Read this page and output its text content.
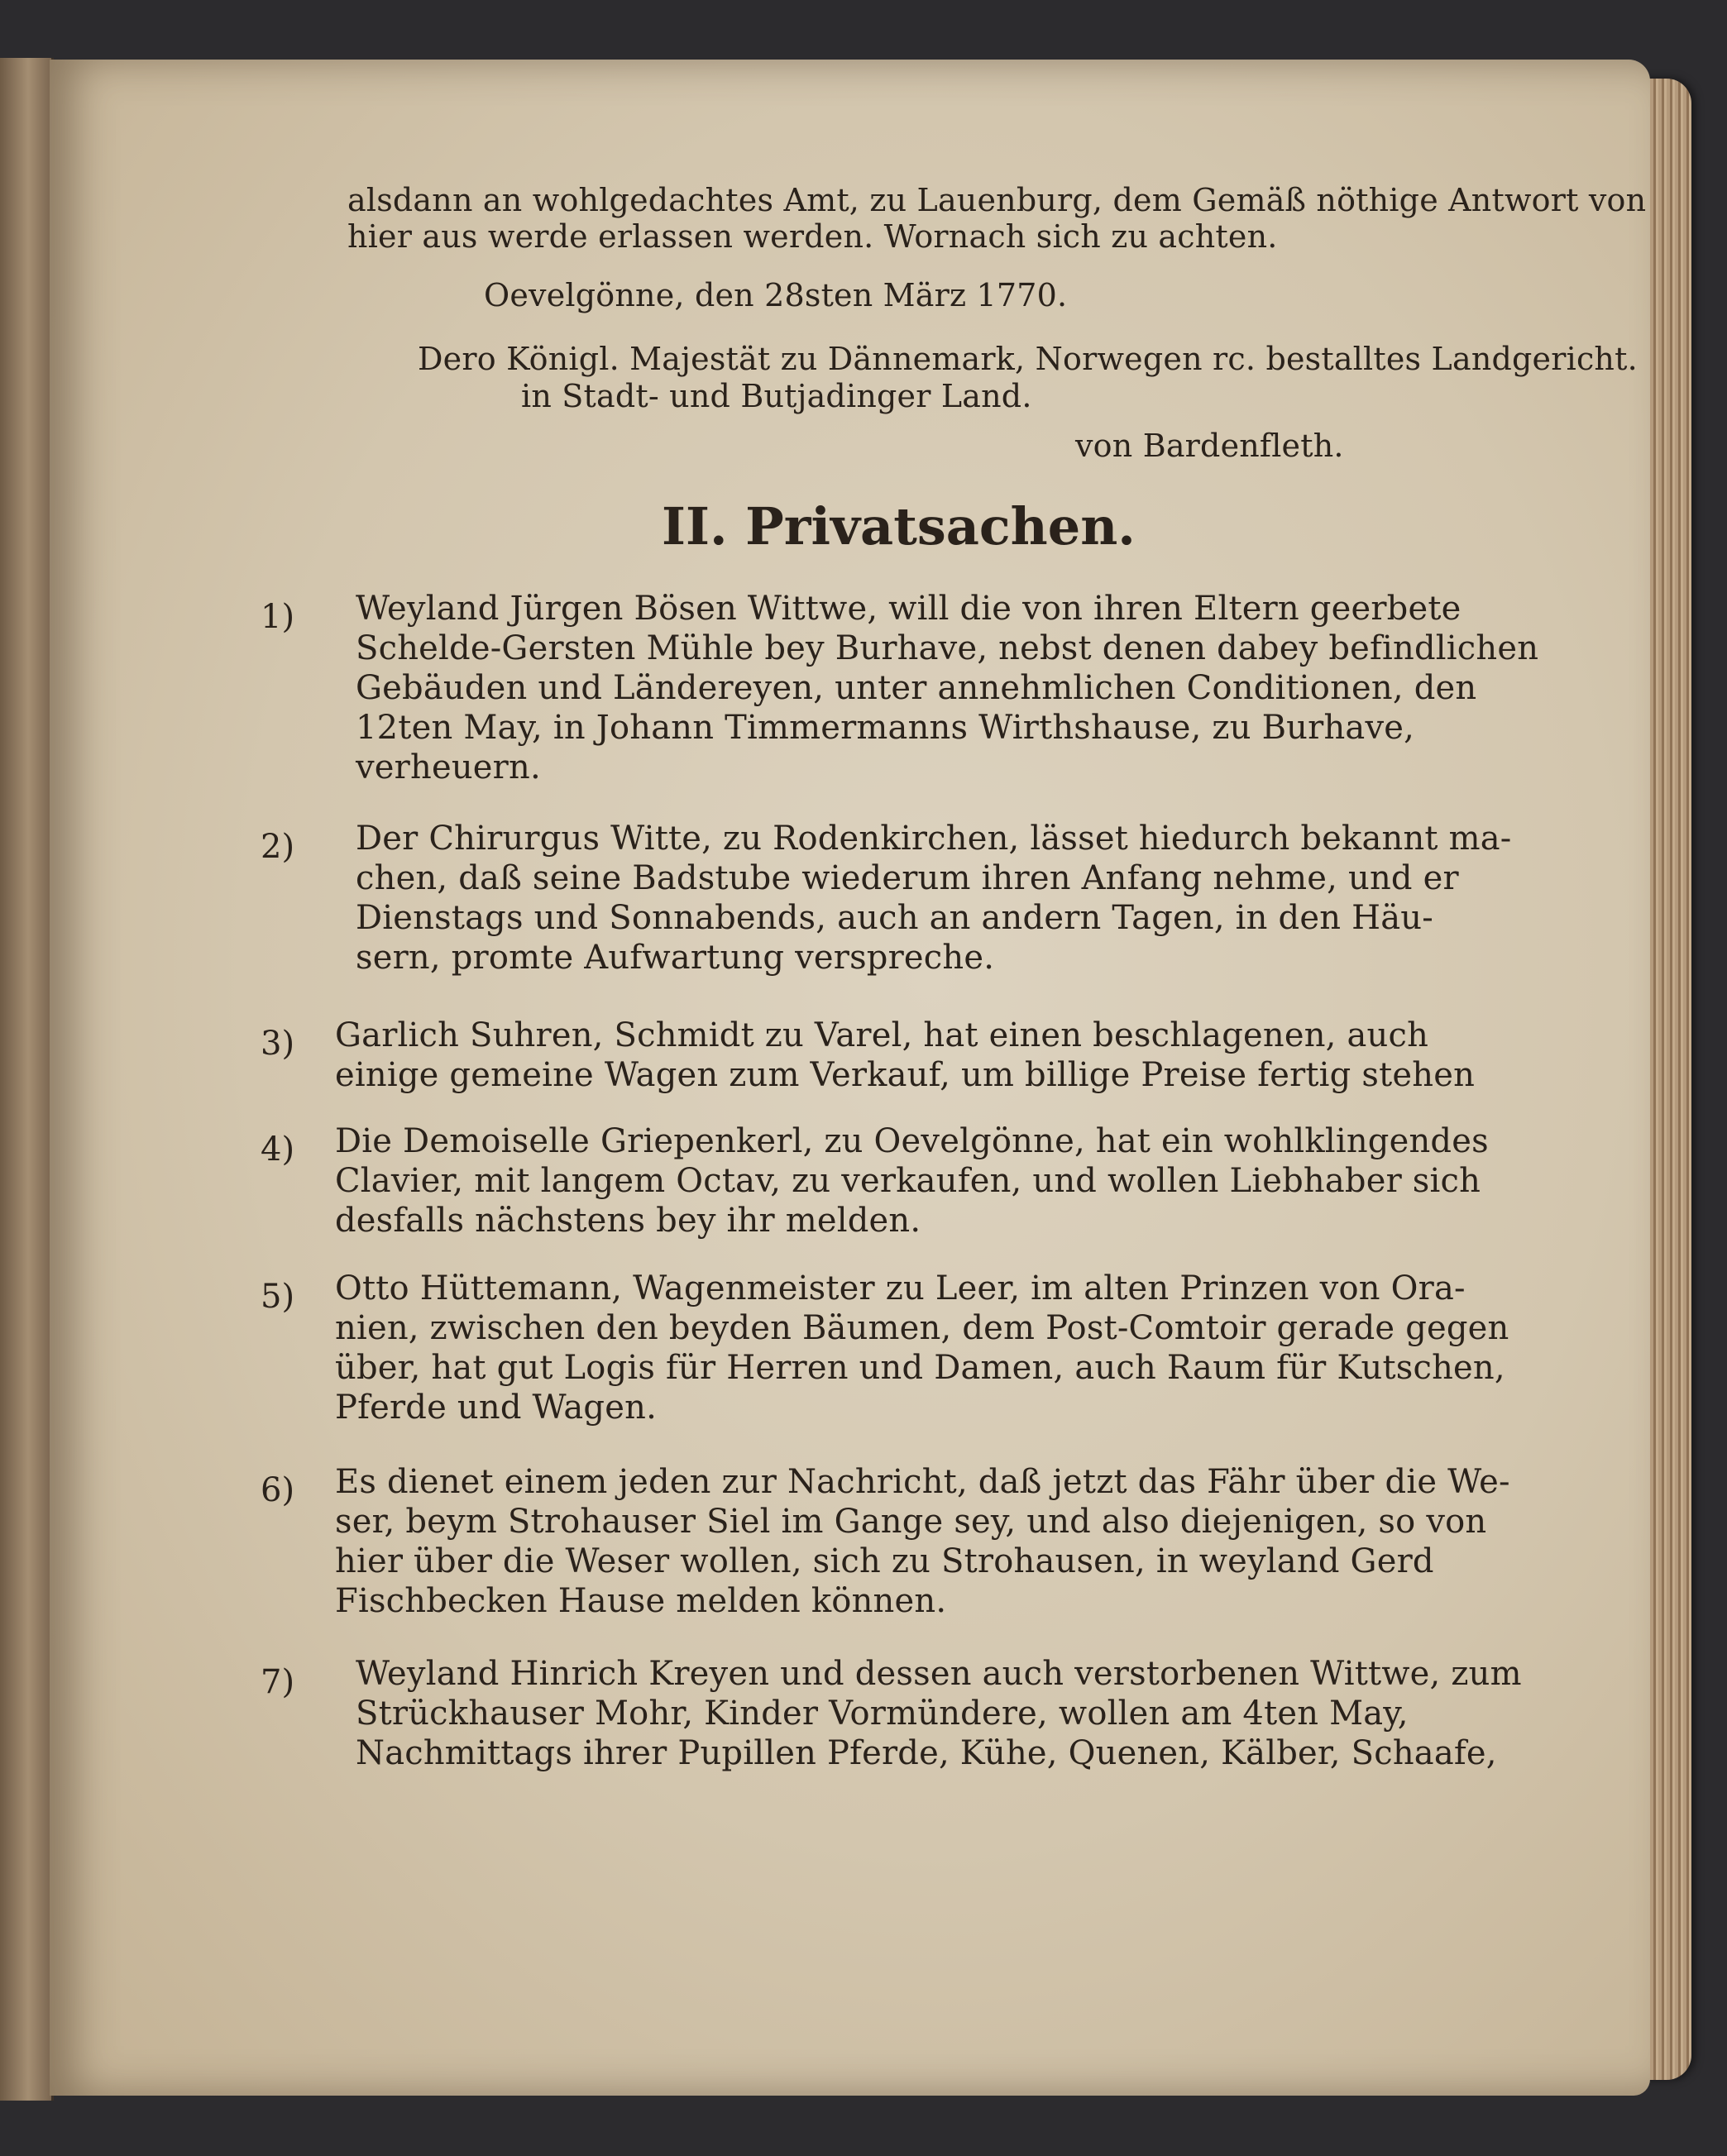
alsdann an wohlgedachtes Amt, zu Lauenburg, dem Gemäß nöthige Antwort von
hier aus werde erlassen werden. Wornach sich zu achten.
Oevelgönne, den 28sten März 1770.
Dero Königl. Majestät zu Dännemark, Norwegen rc. bestalltes Landgericht.
in Stadt- und Butjadinger Land.
von Bardenfleth.
II. Privatsachen.
1) Weyland Jürgen Bösen Wittwe, will die von ihren Eltern geerbete
Schelde-Gersten Mühle bey Burhave, nebst denen dabey befindlichen
Gebäuden und Ländereyen, unter annehmlichen Conditionen, den
12ten May, in Johann Timmermanns Wirthshause, zu Burhave,
verheuern.
2) Der Chirurgus Witte, zu Rodenkirchen, lässet hiedurch bekannt ma-
chen, daß seine Badstube wiederum ihren Anfang nehme, und er
Dienstags und Sonnabends, auch an andern Tagen, in den Häu-
sern, promte Aufwartung verspreche.
3) Garlich Suhren, Schmidt zu Varel, hat einen beschlagenen, auch
einige gemeine Wagen zum Verkauf, um billige Preise fertig stehen
4) Die Demoiselle Griepenkerl, zu Oevelgönne, hat ein wohlklingendes
Clavier, mit langem Octav, zu verkaufen, und wollen Liebhaber sich
desfalls nächstens bey ihr melden.
5) Otto Hüttemann, Wagenmeister zu Leer, im alten Prinzen von Ora-
nien, zwischen den beyden Bäumen, dem Post-Comtoir gerade gegen
über, hat gut Logis für Herren und Damen, auch Raum für Kutschen,
Pferde und Wagen.
6) Es dienet einem jeden zur Nachricht, daß jetzt das Fähr über die We-
ser, beym Strohauser Siel im Gange sey, und also diejenigen, so von
hier über die Weser wollen, sich zu Strohausen, in weyland Gerd
Fischbecken Hause melden können.
7) Weyland Hinrich Kreyen und dessen auch verstorbenen Wittwe, zum
Strückhauser Mohr, Kinder Vormündere, wollen am 4ten May,
Nachmittags ihrer Pupillen Pferde, Kühe, Quenen, Kälber, Schaafe,
